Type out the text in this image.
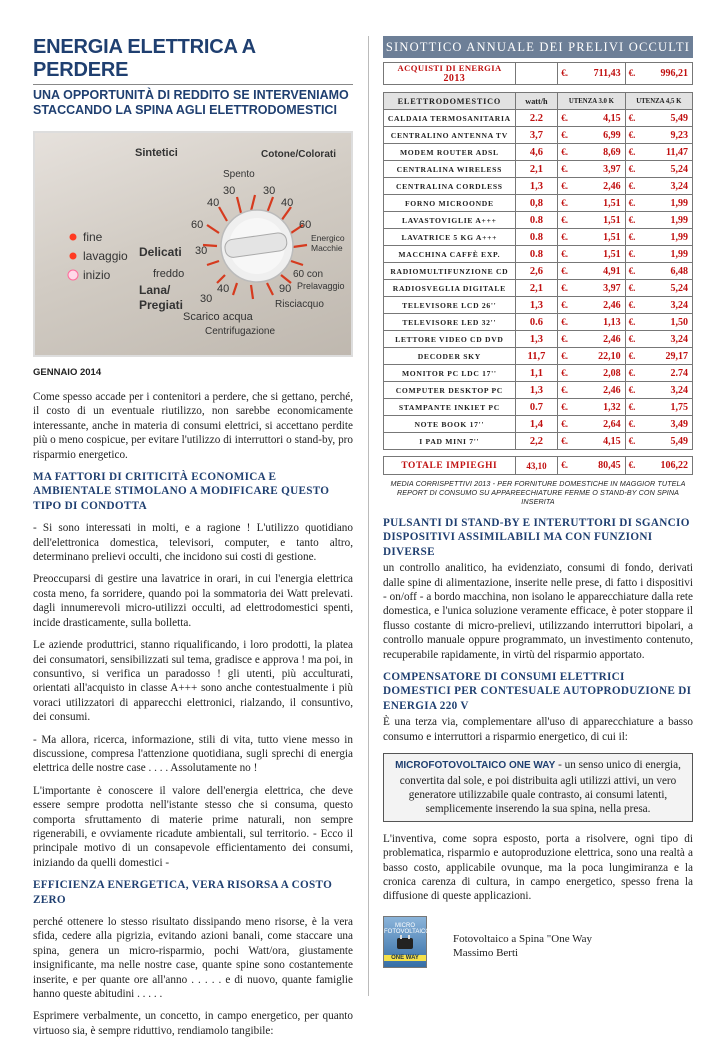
ENERGIA ELETTRICA A PERDERE

UNA OPPORTUNITÀ DI REDDITO SE INTERVENIAMO

STACCANDO LA SPINA AGLI ELETTRODOMESTICI

Sintetici	Cotone/Colorati
Spento
fine
lavaggio
inizio
Delicati
freddo
Lana/
Pregiati
Scarico acqua
Centrifugazione
Risciacquo
Energico
Macchie
60 con
Prelavaggio
30
40
60
30
40
30
30
40
60
90
GENNAIO 2014

Come spesso accade per i contenitori a perdere, che si gettano, perché, il costo di un eventuale riutilizzo, non sarebbe economicamente interessante, anche in materia di consumi elettrici, si accettano perdite più o meno cospicue, per evitare l'utilizzo di interruttori o stand-by, pro risparmio energetico.

MA FATTORI DI CRITICITÀ ECONOMICA E AMBIENTALE STIMOLANO A MODIFICARE QUESTO TIPO DI CONDOTTA

- Si sono interessati in molti, e a ragione ! L'utilizzo quotidiano dell'elettronica domestica, televisori, computer, e tanto altro, determinano prelievi occulti, che incidono sui costi di gestione.

Preoccuparsi di gestire una lavatrice in orari, in cui l'energia elettrica costa meno, fa sorridere, quando poi la sommatoria dei Watt prelevati. dagli innumerevoli micro-utilizzi occulti, ad elettrodomestici spenti, incide drasticamente, sulla bolletta.

Le aziende produttrici, stanno riqualificando, i loro prodotti, la platea dei consumatori, sensibilizzati sul tema, gradisce e approva ! ma poi, in consuntivo, si verifica un paradosso ! gli utenti, più acculturati, orientati all'acquisto in classe A+++ sono anche contestualmente i più voraci utilizzatori di apparecchi elettronici, rialzando, il consuntivo, dei consumi.

- Ma allora, ricerca, informazione, stili di vita, tutto viene messo in discussione, compresa l'attenzione quotidiana, sugli sprechi di energia elettrica delle nostre case . . . . Assolutamente no !

L'importante è conoscere il valore dell'energia elettrica, che deve essere sempre prodotta nell'istante stesso che si consuma, questo comporta sfruttamento di materie prime naturali, non sempre rigenerabili, e ovviamente ricadute ambientali, sul territorio. - Ecco il principale motivo di un consapevole efficientamento dei consumi, iniziando da quelli domestici -

EFFICIENZA ENERGETICA, VERA RISORSA A COSTO ZERO

perché ottenere lo stesso risultato dissipando meno risorse, è la vera sfida, cedere alla pigrizia, evitando azioni banali, come staccare una spina, genera un micro-risparmio, pochi Watt/ora, giustamente insignificante, ma nelle nostre case, quante spine sono costantemente inserite, e per quante ore all'anno . . . . . e di nuovo, quante famiglie hanno queste abitudini . . . . .

Esprimere verbalmente, un concetto, in campo energetico, per quanto virtuoso sia, è sempre riduttivo, rendiamolo tangibile:

SINOTTICO ANNUALE DEI PRELIVI OCCULTI
ACQUISTI DI ENERGIA 2013		€.	711,43	€.	996,21
ELETTRODOMESTICO	watt/h	UTENZA 3.0 K	UTENZA 4,5 K
CALDAIA TERMOSANITARIA	2.2	€. 4,15	€. 5,49

CENTRALINO ANTENNA TV	3,7	€. 6,99	€. 9,23

MODEM ROUTER ADSL	4,6	€. 8,69	€. 11,47

CENTRALINA WIRELESS	2,1	€. 3,97	€. 5,24

CENTRALINA CORDLESS	1,3	€. 2,46	€. 3,24

FORNO MICROONDE	0,8	€. 1,51	€. 1,99

LAVASTOVIGLIE A+++	0.8	€. 1,51	€. 1,99

LAVATRICE 5 KG A+++	0.8	€. 1,51	€. 1,99

MACCHINA CAFFÈ EXP.	0.8	€. 1,51	€. 1,99

RADIOMULTIFUNZIONE CD	2,6	€. 4,91	€. 6,48

RADIOSVEGLIA DIGITALE	2,1	€. 3,97	€. 5,24

TELEVISORE LCD 26''	1,3	€. 2,46	€. 3,24

TELEVISORE LED 32''	0.6	€. 1,13	€. 1,50

LETTORE VIDEO CD DVD	1,3	€. 2,46	€. 3,24

DECODER SKY	11,7	€. 22,10	€. 29,17

MONITOR PC LDC 17''	1,1	€. 2,08	€. 2.74

COMPUTER DESKTOP PC	1,3	€. 2,46	€. 3,24

STAMPANTE INKIET PC	0.7	€. 1,32	€. 1,75

NOTE BOOK 17''	1,4	€. 2,64	€. 3,49

I PAD MINI 7''	2,2	€. 4,15	€. 5,49
TOTALE IMPIEGHI	43,10	€.	80,45	€.	106,22
MEDIA CORRISPETTIVI 2013 - PER FORNITURE DOMESTICHE IN MAGGIOR TUTELA
REPORT DI CONSUMO SU APPAREECHIATURE FERME O STAND-BY CON SPINA INSERITA

PULSANTI DI STAND-BY E INTERUTTORI DI SGANCIO DISPOSITIVI ASSIMILABILI MA CON FUNZIONI DIVERSE

un controllo analitico, ha evidenziato, consumi di fondo, derivati dalle spine di alimentazione, inserite nelle prese, di fatto i dispositivi - on/off - a bordo macchina, non isolano le apparecchiature dalla rete domestica, e l'unica soluzione veramente efficace, è poter stoppare il flusso costante di micro-prelievi, utilizzando interruttori bipolari, a controllo manuale oppure programmato, un investimento contenuto, recuperabile rapidamente, in virtù del risparmio apportato.

COMPENSATORE DI CONSUMI ELETTRICI DOMESTICI PER CONTESUALE AUTOPRODUZIONE DI ENERGIA 220 V

È una terza via, complementare all'uso di apparecchiature a basso consumo e interruttori a risparmio energetico, di cui il:

MICROFOTOVOLTAICO ONE WAY - un senso unico di energia, convertita dal sole, e poi distribuita agli utilizzi attivi, un vero generatore utilizzabile quale contrasto, ai consumi latenti, semplicemente inserendo la sua spina, nella presa.

L'inventiva, come sopra esposto, porta a risolvere, ogni tipo di problematica, risparmio e autoproduzione elettrica, sono una realtà a basso costo, applicabile ovunque, ma la poca lungimiranza e la cronica carenza di cultura, in campo energetico, spesso frena la diffusione di queste applicazioni.

MICRO FOTOVOLTAICO
ONE WAY
Fotovoltaico a Spina "One Way
Massimo Berti
